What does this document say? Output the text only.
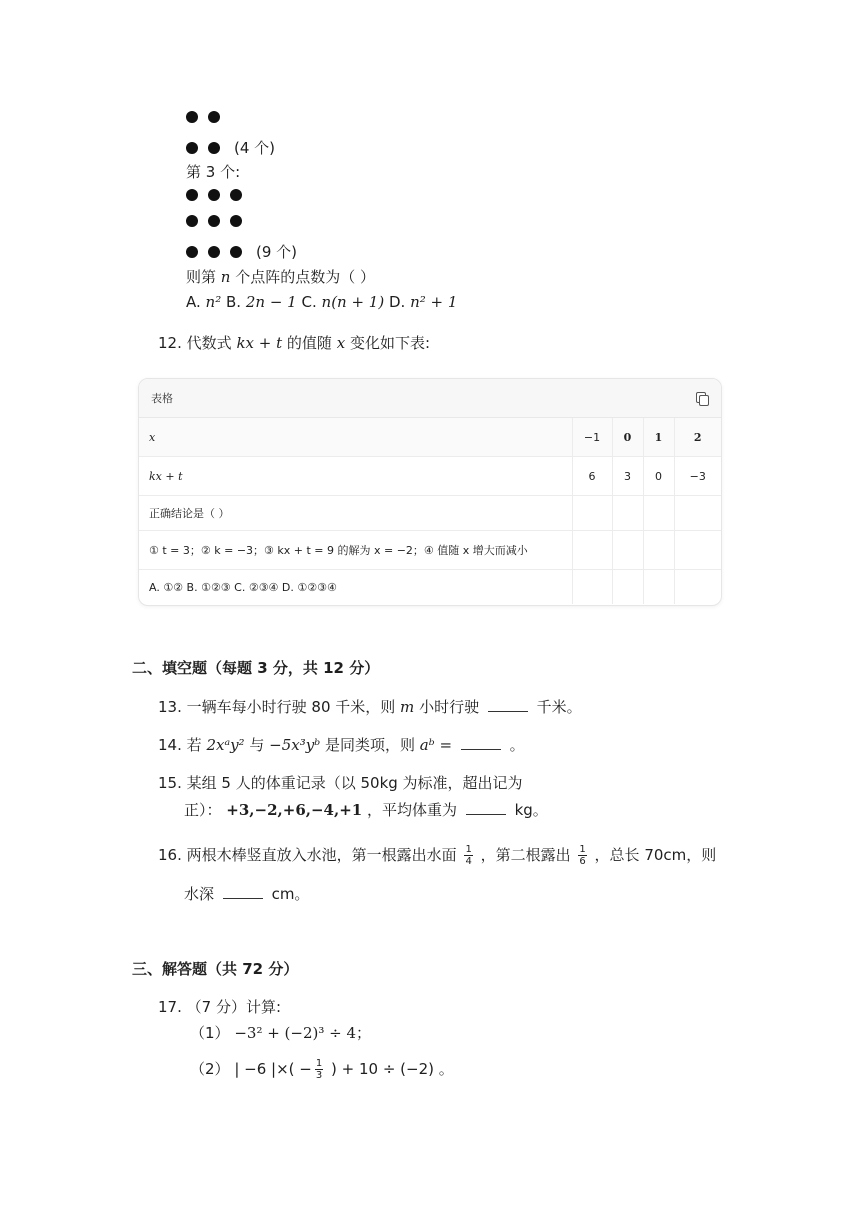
(4 个)
第 3 个:
(9 个)
则第 n 个点阵的点数为（ ）
A. n² B. 2n − 1 C. n(n + 1) D. n² + 1
12. 代数式 kx + t 的值随 x 变化如下表:
表格
x	−1	0	1	2
kx + t	6	3	0	−3
正确结论是（ ）				
① t = 3；② k = −3；③ kx + t = 9 的解为 x = −2；④ 值随 x 增大而减小				
A. ①② B. ①②③ C. ②③④ D. ①②③④				
二、填空题（每题 3 分，共 12 分）
13. 一辆车每小时行驶 80 千米，则 m 小时行驶	千米。
14. 若 2xᵃy² 与 −5x³yᵇ 是同类项，则 aᵇ =	。
15. 某组 5 人的体重记录（以 50kg 为标准，超出记为
正）： +3,−2,+6,−4,+1 ，平均体重为	kg。
16. 两根木棒竖直放入水池，第一根露出水面 $\frac{1}{4}$ ，第二根露出 $\frac{1}{6}$ ，总长 70cm，则
水深	cm。
三、解答题（共 72 分）
17. （7 分）计算:
（1） −3² + (−2)³ ÷ 4；
（2） | −6 |×( − $\frac{1}{3}$ ) + 10 ÷ (−2) 。
